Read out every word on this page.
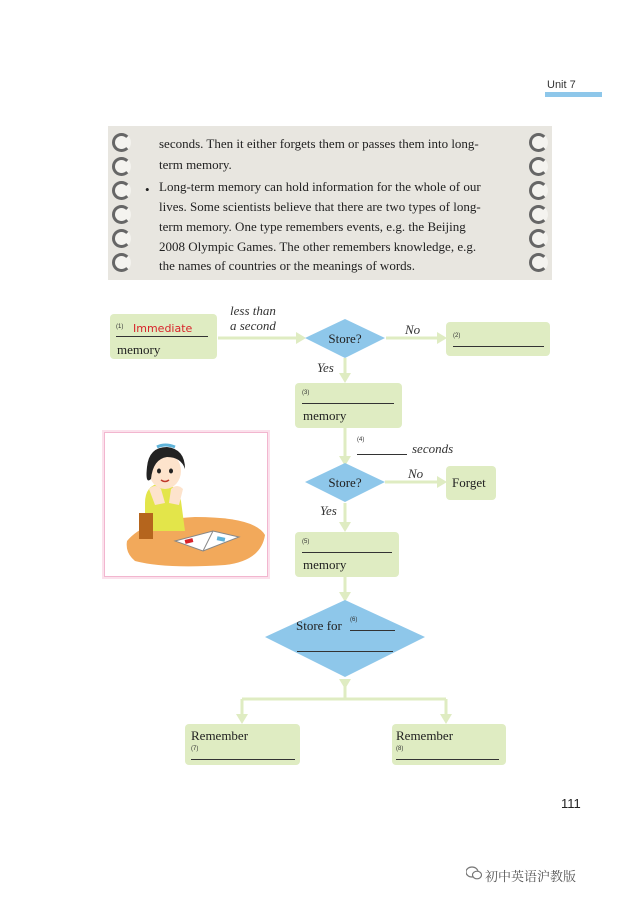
Unit 7
seconds. Then it either forgets them or passes them into long-
term memory.
• Long-term memory can hold information for the whole of our
lives. Some scientists believe that there are two types of long-
term memory. One type remembers events, e.g. the Beijing
2008 Olympic Games. The other remembers knowledge, e.g.
the names of countries or the meanings of words.
(1) Immediate
memory
less than
a second
Store?
No	(2)
Yes
(3)
memory
(4)
seconds
Store?
No
Forget
Yes
(5)
memory
Store for (6)
Remember
(7)
Remember
(8)
111
初中英语沪教版
